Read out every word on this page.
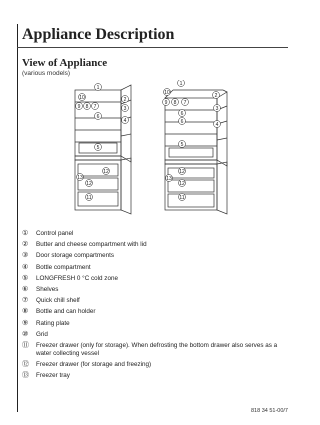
Appliance Description
View of Appliance
(various models)
1
10
9 8 7
2
6
3
4
5
12
13
12
11
1
10
9 8 7
2
6
3
6	4
5
12
13
12
11
①	Control panel
②	Butter and cheese compartment with lid
③	Door storage compartments
④	Bottle compartment
⑤	LONGFRESH 0 °C cold zone
⑥	Shelves
⑦	Quick chill shelf
⑧	Bottle and can holder
⑨	Rating plate
⑩	Grid
⑪	Freezer drawer (only for storage). When defrosting the bottom drawer also serves as a water collecting vessel
⑫	Freezer drawer (for storage and freezing)
⑬	Freezer tray
818 34 51-00/7
